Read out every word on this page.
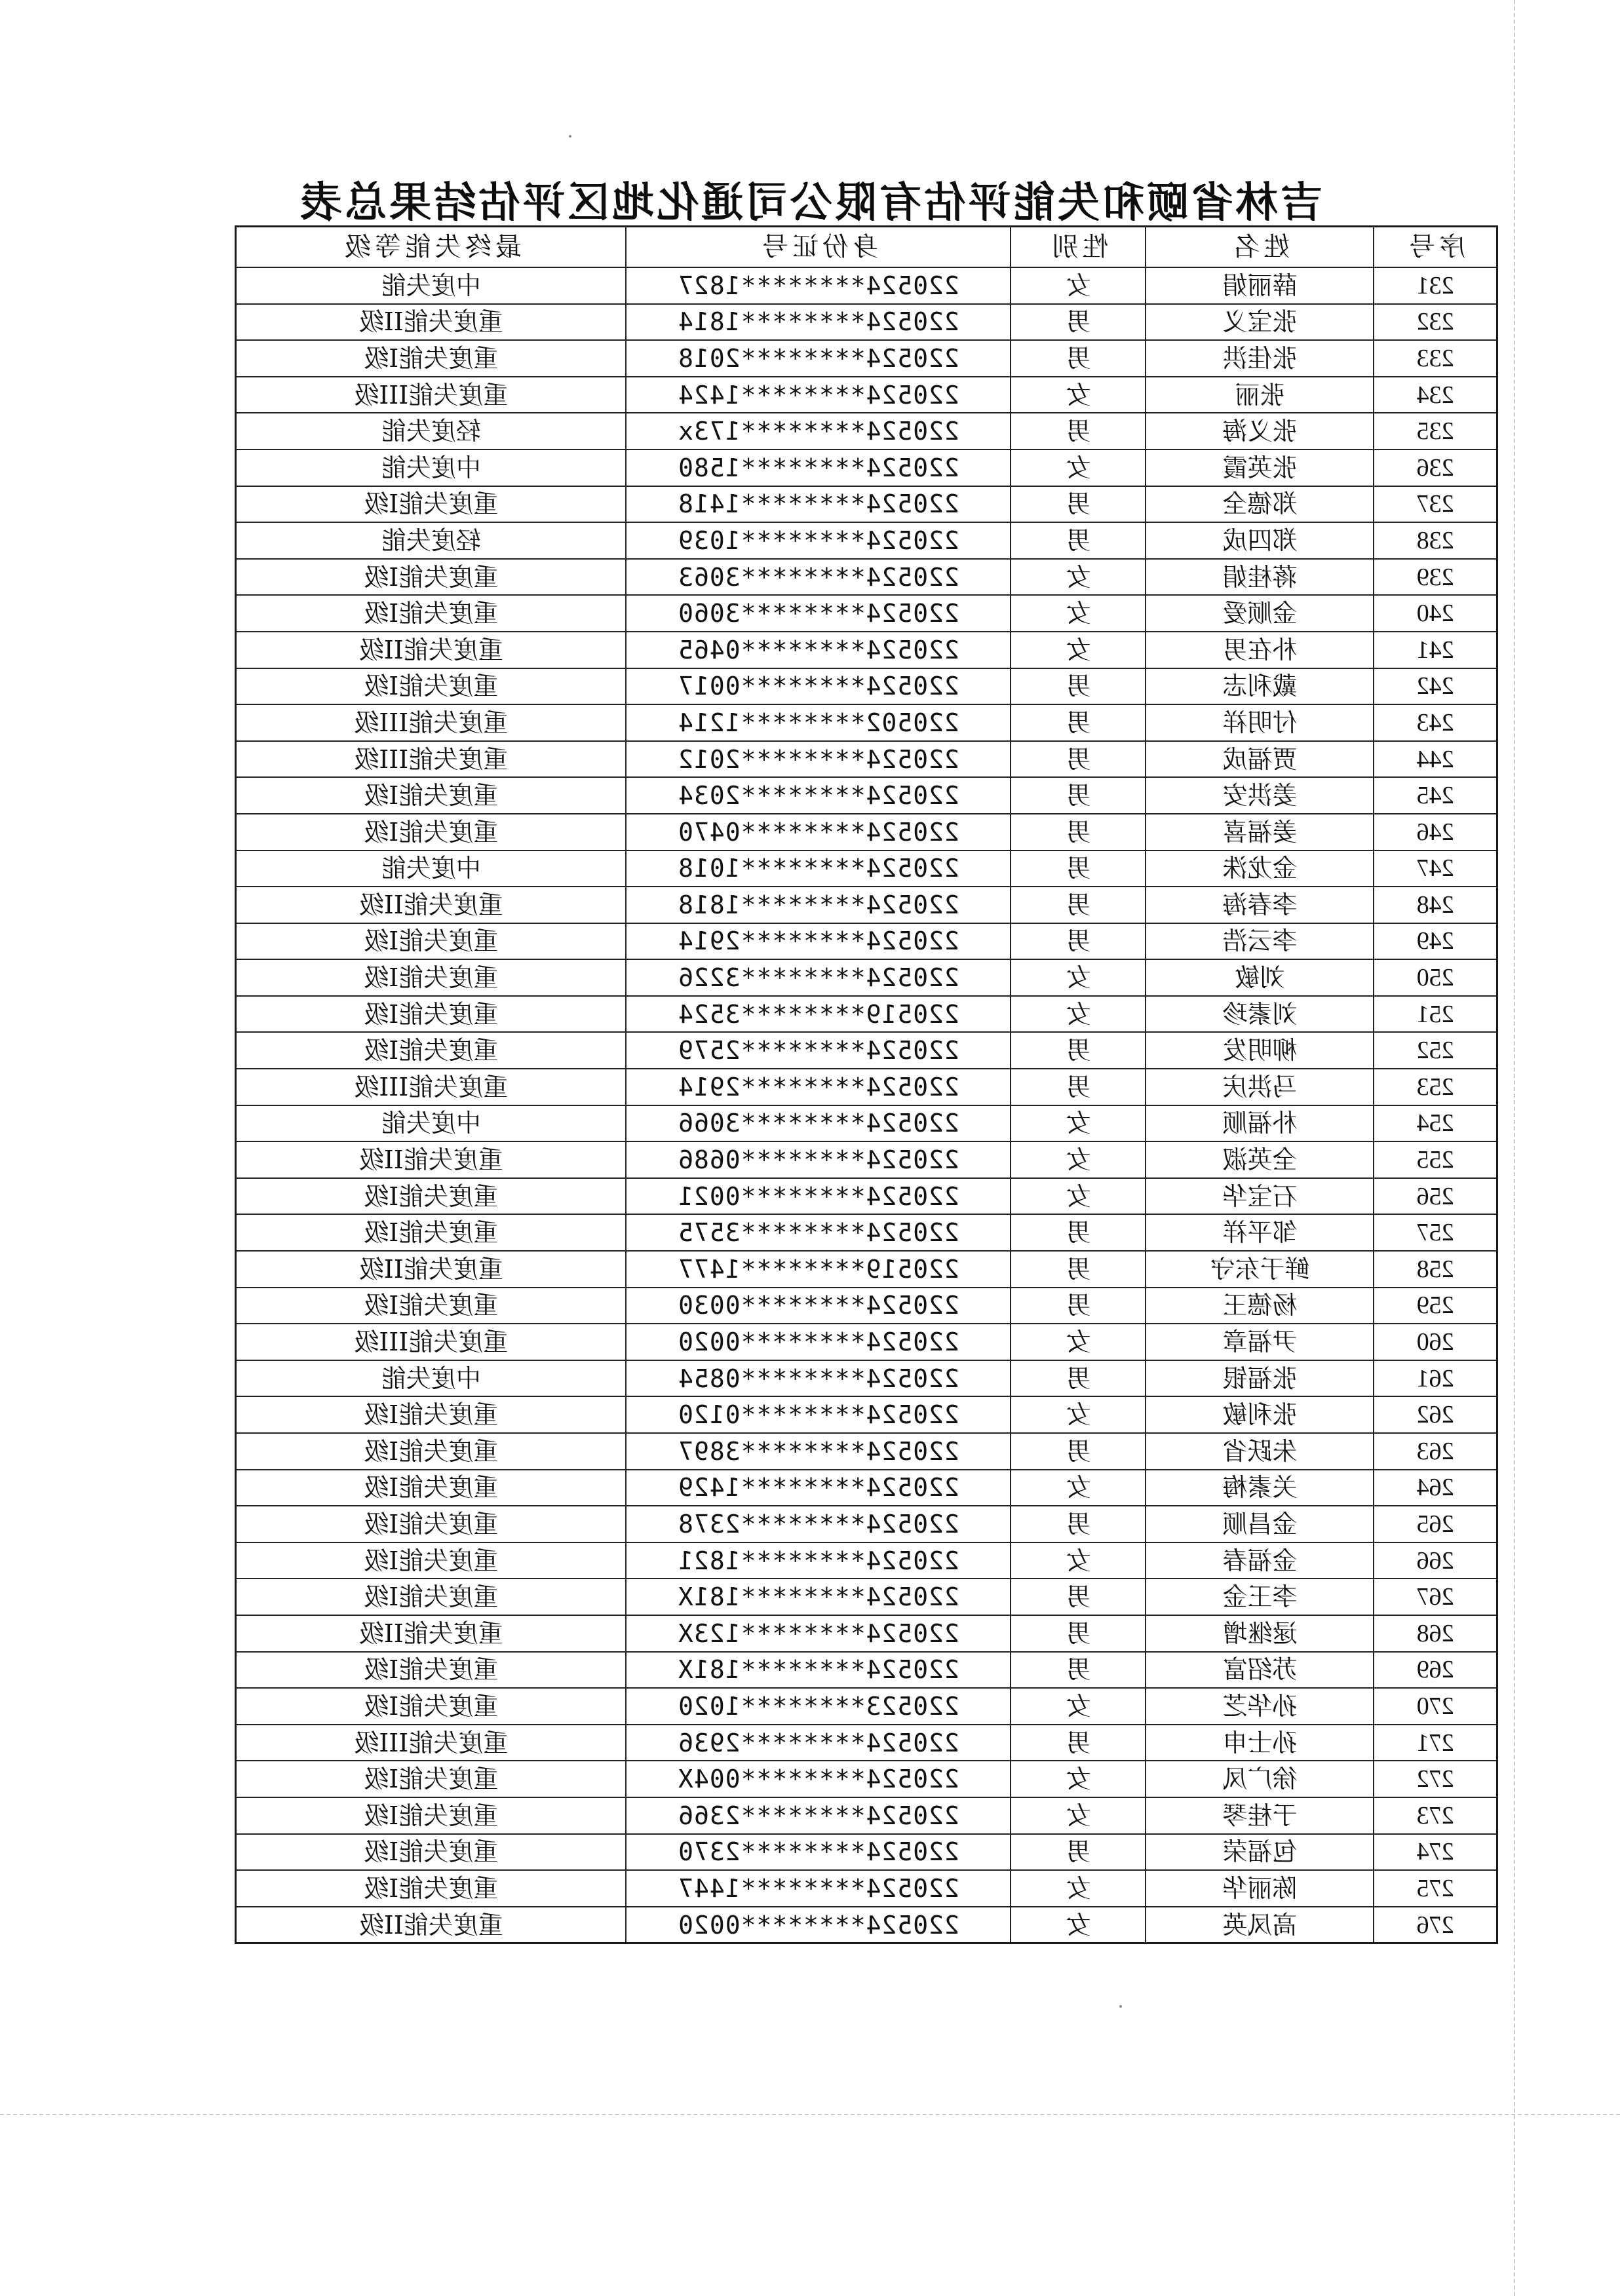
吉林省颐和失能评估有限公司通化地区评估结果总表
序号	姓名	性别	身份证号	最终失能等级
231	薛丽娟	女	220524********1827	中度失能
232	张宝义	男	220524********1814	重度失能II级
233	张佳洪	男	220524********2018	重度失能I级
234	张丽	女	220524********1424	重度失能III级
235	张义海	男	220524********173x	轻度失能
236	张英霞	女	220524********1580	中度失能
237	郑德全	男	220524********1418	重度失能I级
238	郑四成	男	220524********1039	轻度失能
239	蒋桂娟	女	220524********3063	重度失能I级
240	金顺爱	女	220524********3060	重度失能I级
241	朴在男	女	220524********0465	重度失能II级
242	戴利志	男	220524********0017	重度失能I级
243	付明祥	男	220502********1214	重度失能III级
244	贾福成	男	220524********2012	重度失能III级
245	姜洪安	男	220524********2034	重度失能I级
246	姜福喜	男	220524********0470	重度失能I级
247	金龙洙	男	220524********1018	中度失能
248	李春海	男	220524********1818	重度失能II级
249	李云浩	男	220524********2914	重度失能I级
250	刘敏	女	220524********3226	重度失能I级
251	刘素珍	女	220519********3524	重度失能I级
252	柳明发	男	220524********2579	重度失能I级
253	马洪庆	男	220524********2914	重度失能III级
254	朴福顺	女	220524********3066	中度失能
255	全英淑	女	220524********0686	重度失能II级
256	石宝华	女	220524********0021	重度失能I级
257	邹平祥	男	220524********3575	重度失能I级
258	鲜于东守	男	220519********1477	重度失能II级
259	杨德王	男	220524********0030	重度失能I级
260	尹福章	女	220524********0020	重度失能III级
261	张福银	男	220524********0854	中度失能
262	张利敏	女	220524********0120	重度失能I级
263	朱跃省	男	220524********3897	重度失能I级
264	关素梅	女	220524********1429	重度失能I级
265	金昌顺	男	220524********2378	重度失能I级
266	金福春	女	220524********1821	重度失能I级
267	李王金	男	220524********181X	重度失能I级
268	逯继增	男	220524********123X	重度失能II级
269	苏绍富	男	220524********181X	重度失能I级
270	孙华芝	女	220523********1020	重度失能I级
271	孙士申	男	220524********2936	重度失能III级
272	徐广凤	女	220524********004X	重度失能I级
273	于桂琴	女	220524********2366	重度失能I级
274	包福荣	男	220524********2370	重度失能I级
275	陈丽华	女	220524********1447	重度失能I级
276	高凤英	女	220524********0020	重度失能II级
